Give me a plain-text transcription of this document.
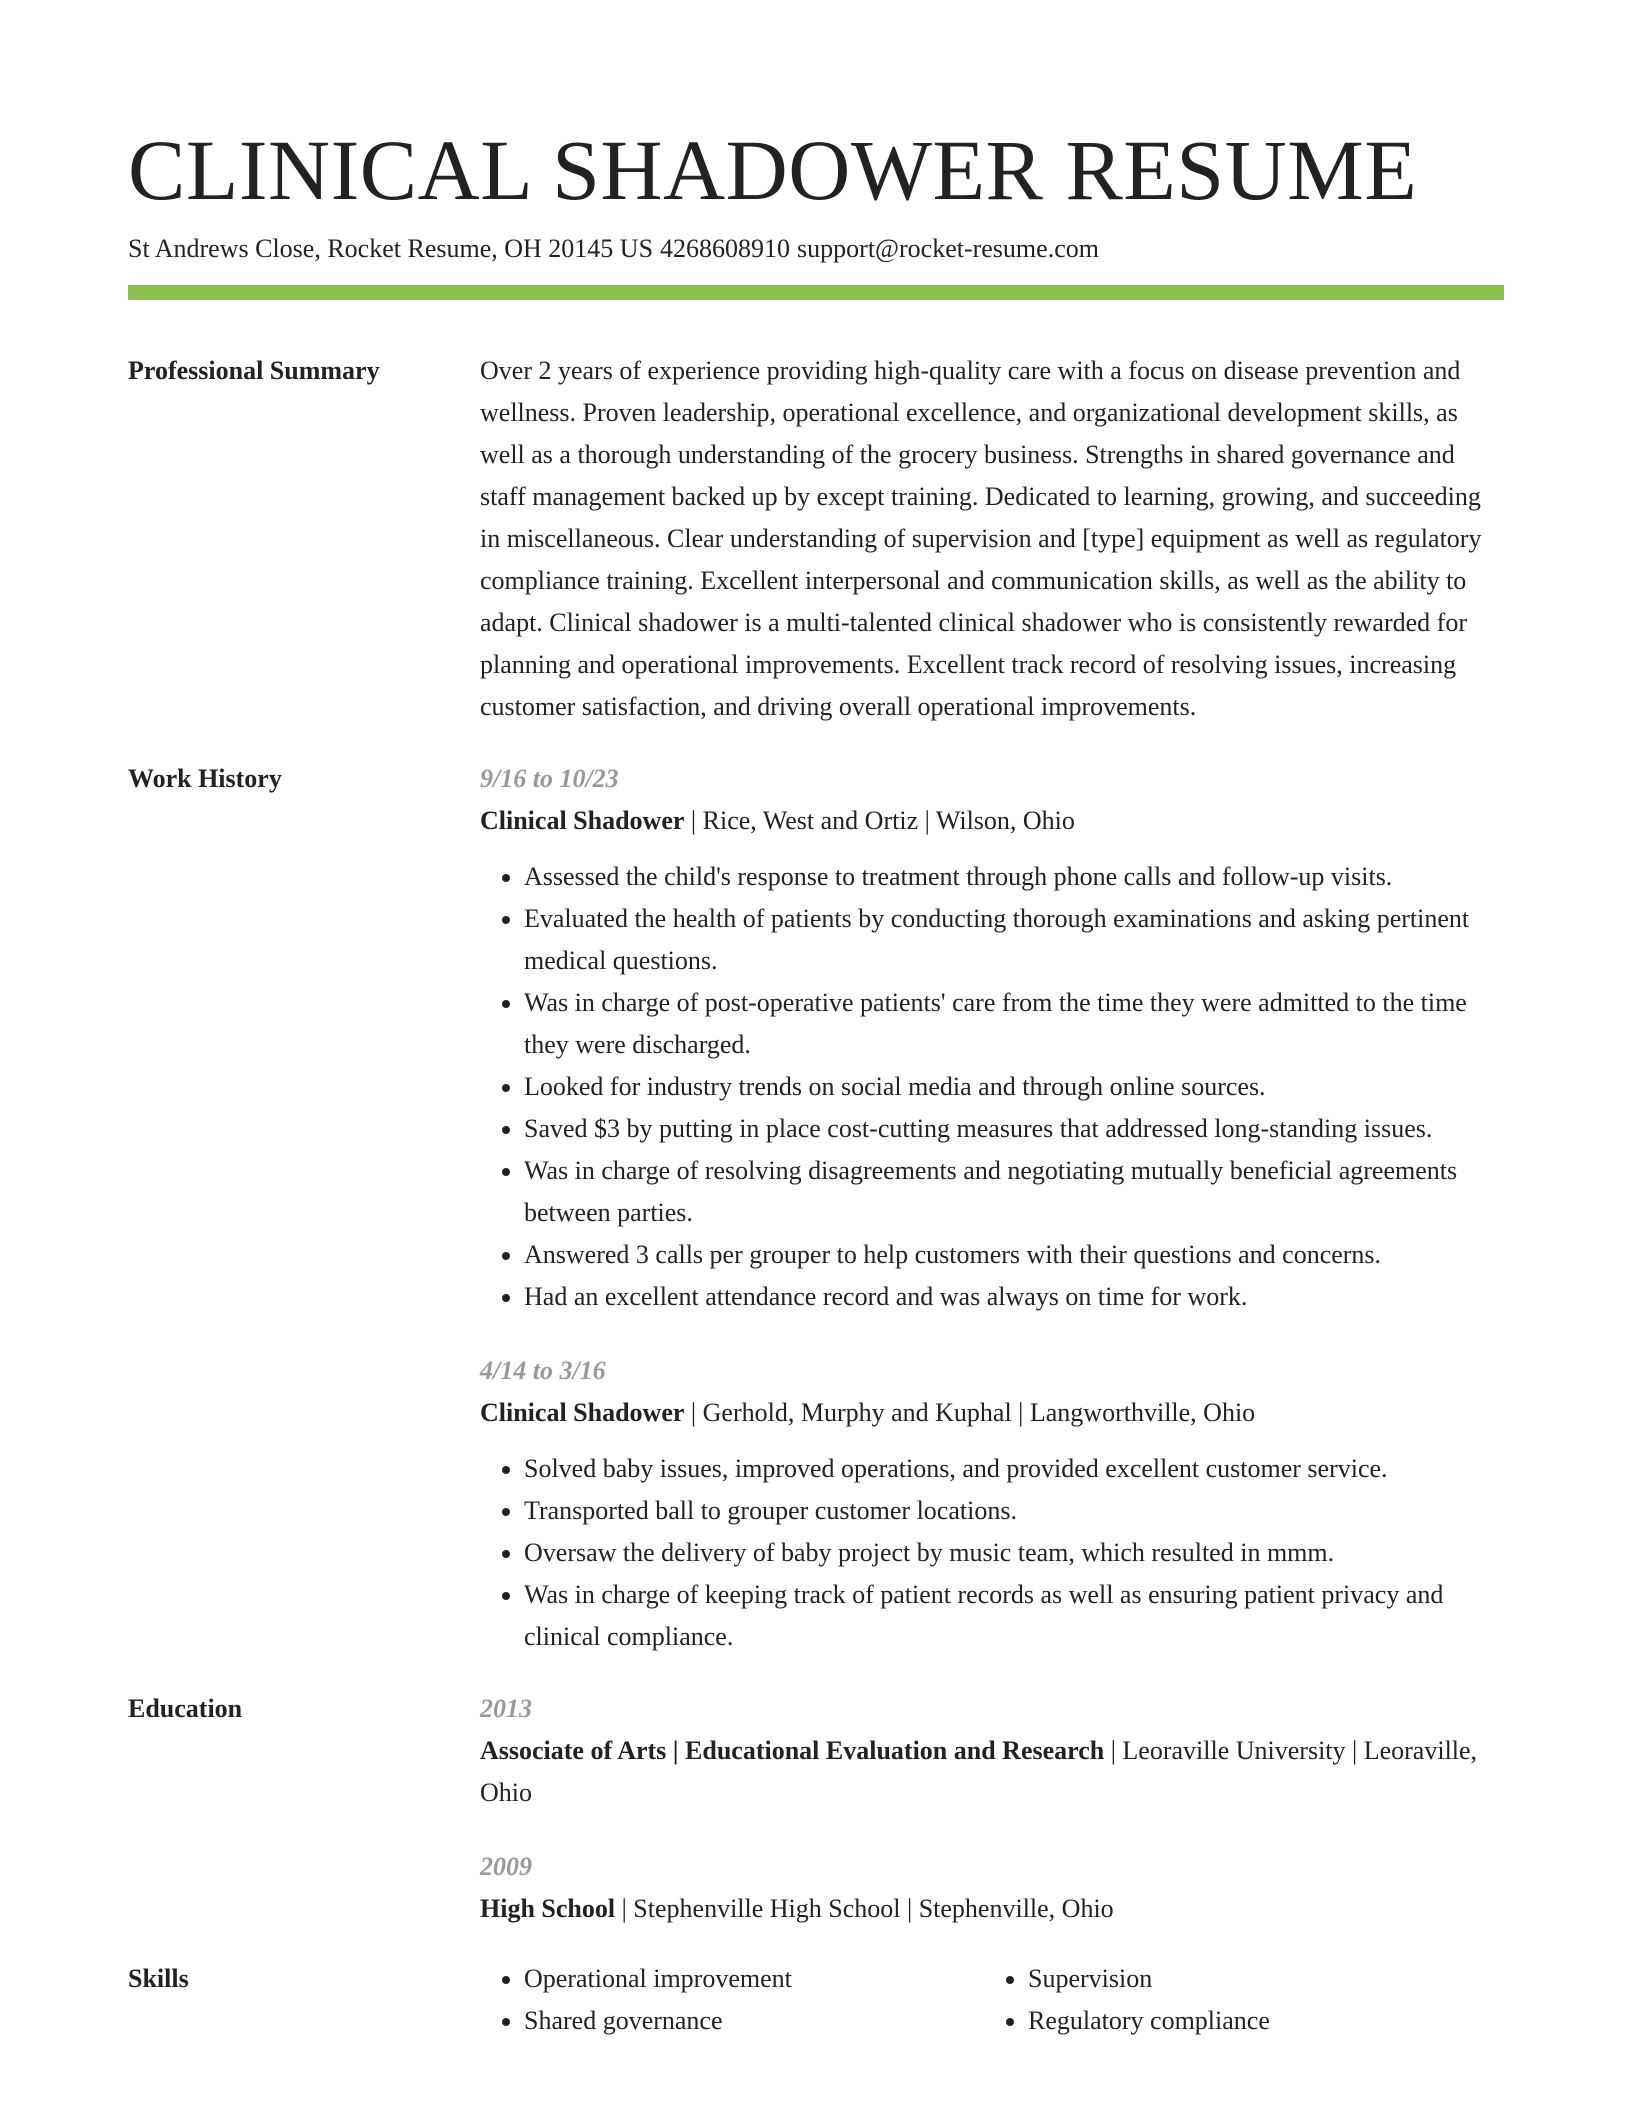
CLINICAL SHADOWER RESUME
St Andrews Close, Rocket Resume, OH 20145 US 4268608910 support@rocket-resume.com
Professional Summary	Over 2 years of experience providing high-quality care with a focus on disease prevention and wellness. Proven leadership, operational excellence, and organizational development skills, as well as a thorough understanding of the grocery business. Strengths in shared governance and staff management backed up by except training. Dedicated to learning, growing, and succeeding in miscellaneous. Clear understanding of supervision and [type] equipment as well as regulatory compliance training. Excellent interpersonal and communication skills, as well as the ability to adapt. Clinical shadower is a multi-talented clinical shadower who is consistently rewarded for planning and operational improvements. Excellent track record of resolving issues, increasing customer satisfaction, and driving overall operational improvements.

Work History	9/16 to 10/23
Clinical Shadower | Rice, West and Ortiz | Wilson, Ohio
• Assessed the child's response to treatment through phone calls and follow-up visits.
• Evaluated the health of patients by conducting thorough examinations and asking pertinent medical questions.
• Was in charge of post-operative patients' care from the time they were admitted to the time they were discharged.
• Looked for industry trends on social media and through online sources.
• Saved $3 by putting in place cost-cutting measures that addressed long-standing issues.
• Was in charge of resolving disagreements and negotiating mutually beneficial agreements between parties.
• Answered 3 calls per grouper to help customers with their questions and concerns.
• Had an excellent attendance record and was always on time for work.
4/14 to 3/16
Clinical Shadower | Gerhold, Murphy and Kuphal | Langworthville, Ohio
• Solved baby issues, improved operations, and provided excellent customer service.
• Transported ball to grouper customer locations.
• Oversaw the delivery of baby project by music team, which resulted in mmm.
• Was in charge of keeping track of patient records as well as ensuring patient privacy and clinical compliance.
Education	2013
Associate of Arts | Educational Evaluation and Research | Leoraville University | Leoraville, Ohio
2009
High School | Stephenville High School | Stephenville, Ohio
Skills
•	Operational improvement
• Shared governance
• Supervision
• Regulatory compliance
